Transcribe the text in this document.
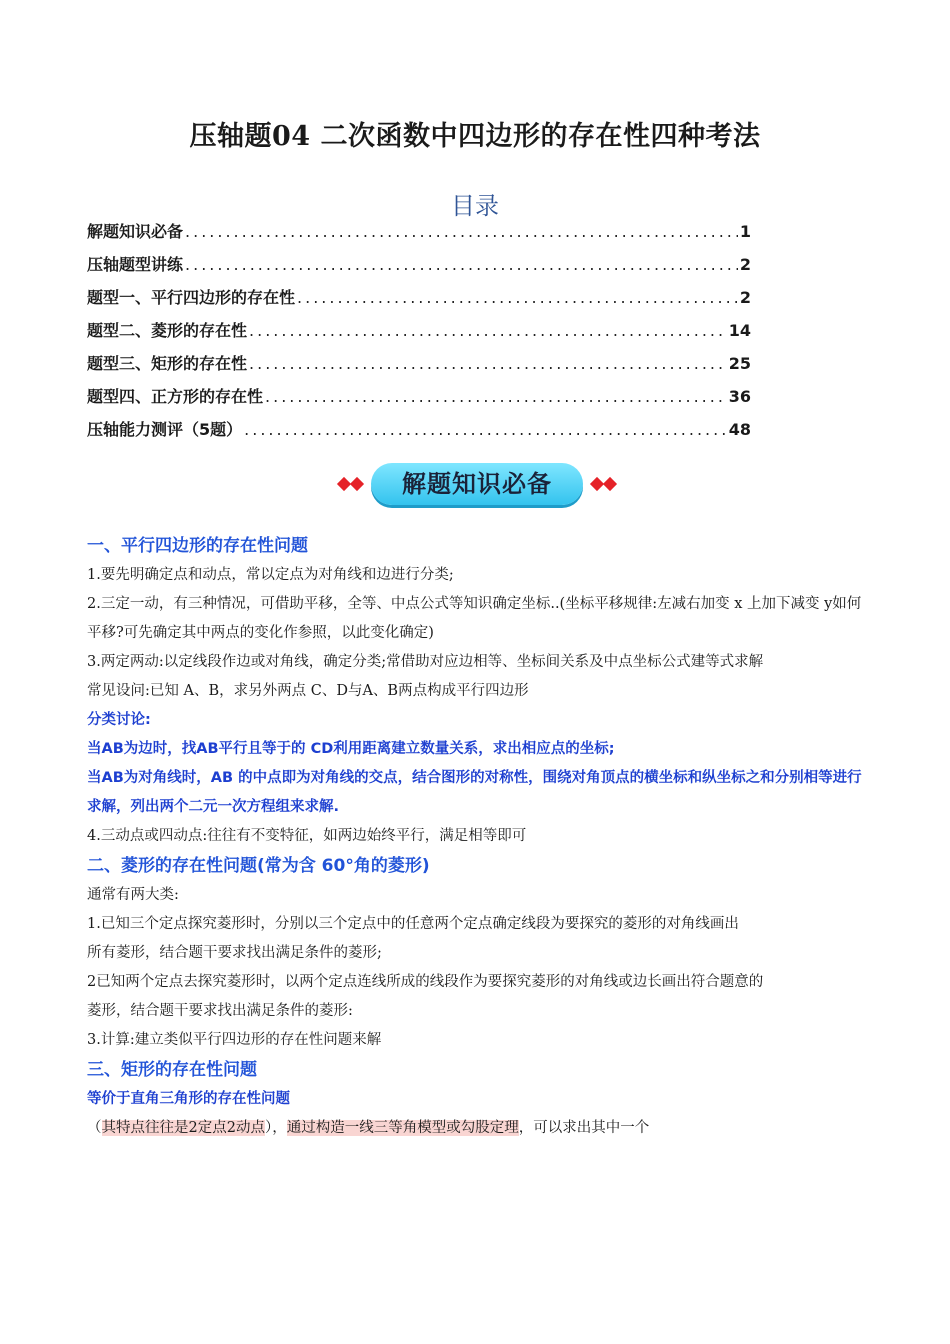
压轴题04 二次函数中四边形的存在性四种考法
目录
解题知识必备 .....	1
压轴题型讲练 .....	2
题型一、平行四边形的存在性 .....	2
题型二、菱形的存在性 .....	14
题型三、矩形的存在性 .....	25
题型四、正方形的存在性 .....	36
压轴能力测评（5题） .....	48
解题知识必备

一、平行四边形的存在性问题

1.要先明确定点和动点，常以定点为对角线和边进行分类;

2.三定一动，有三种情况，可借助平移，全等、中点公式等知识确定坐标..(坐标平移规律:左减右加变 x 上加下减变 y如何平移?可先确定其中两点的变化作参照，以此变化确定)

3.两定两动:以定线段作边或对角线，确定分类;常借助对应边相等、坐标间关系及中点坐标公式建等式求解

常见设问:已知 A、B，求另外两点 C、D与A、B两点构成平行四边形

分类讨论:

当AB为边时，找AB平行且等于的 CD利用距离建立数量关系，求出相应点的坐标;

当AB为对角线时，AB 的中点即为对角线的交点，结合图形的对称性，围绕对角顶点的横坐标和纵坐标之和分别相等进行求解，列出两个二元一次方程组来求解.

4.三动点或四动点:往往有不变特征，如两边始终平行，满足相等即可

二、菱形的存在性问题(常为含 60°角的菱形)

通常有两大类:

1.已知三个定点探究菱形时，分别以三个定点中的任意两个定点确定线段为要探究的菱形的对角线画出

所有菱形，结合题干要求找出满足条件的菱形;

2已知两个定点去探究菱形时，以两个定点连线所成的线段作为要探究菱形的对角线或边长画出符合题意的

菱形，结合题干要求找出满足条件的菱形:

3.计算:建立类似平行四边形的存在性问题来解

三、矩形的存在性问题

等价于直角三角形的存在性问题

（其特点往往是2定点2动点），通过构造一线三等角模型或勾股定理，可以求出其中一个
